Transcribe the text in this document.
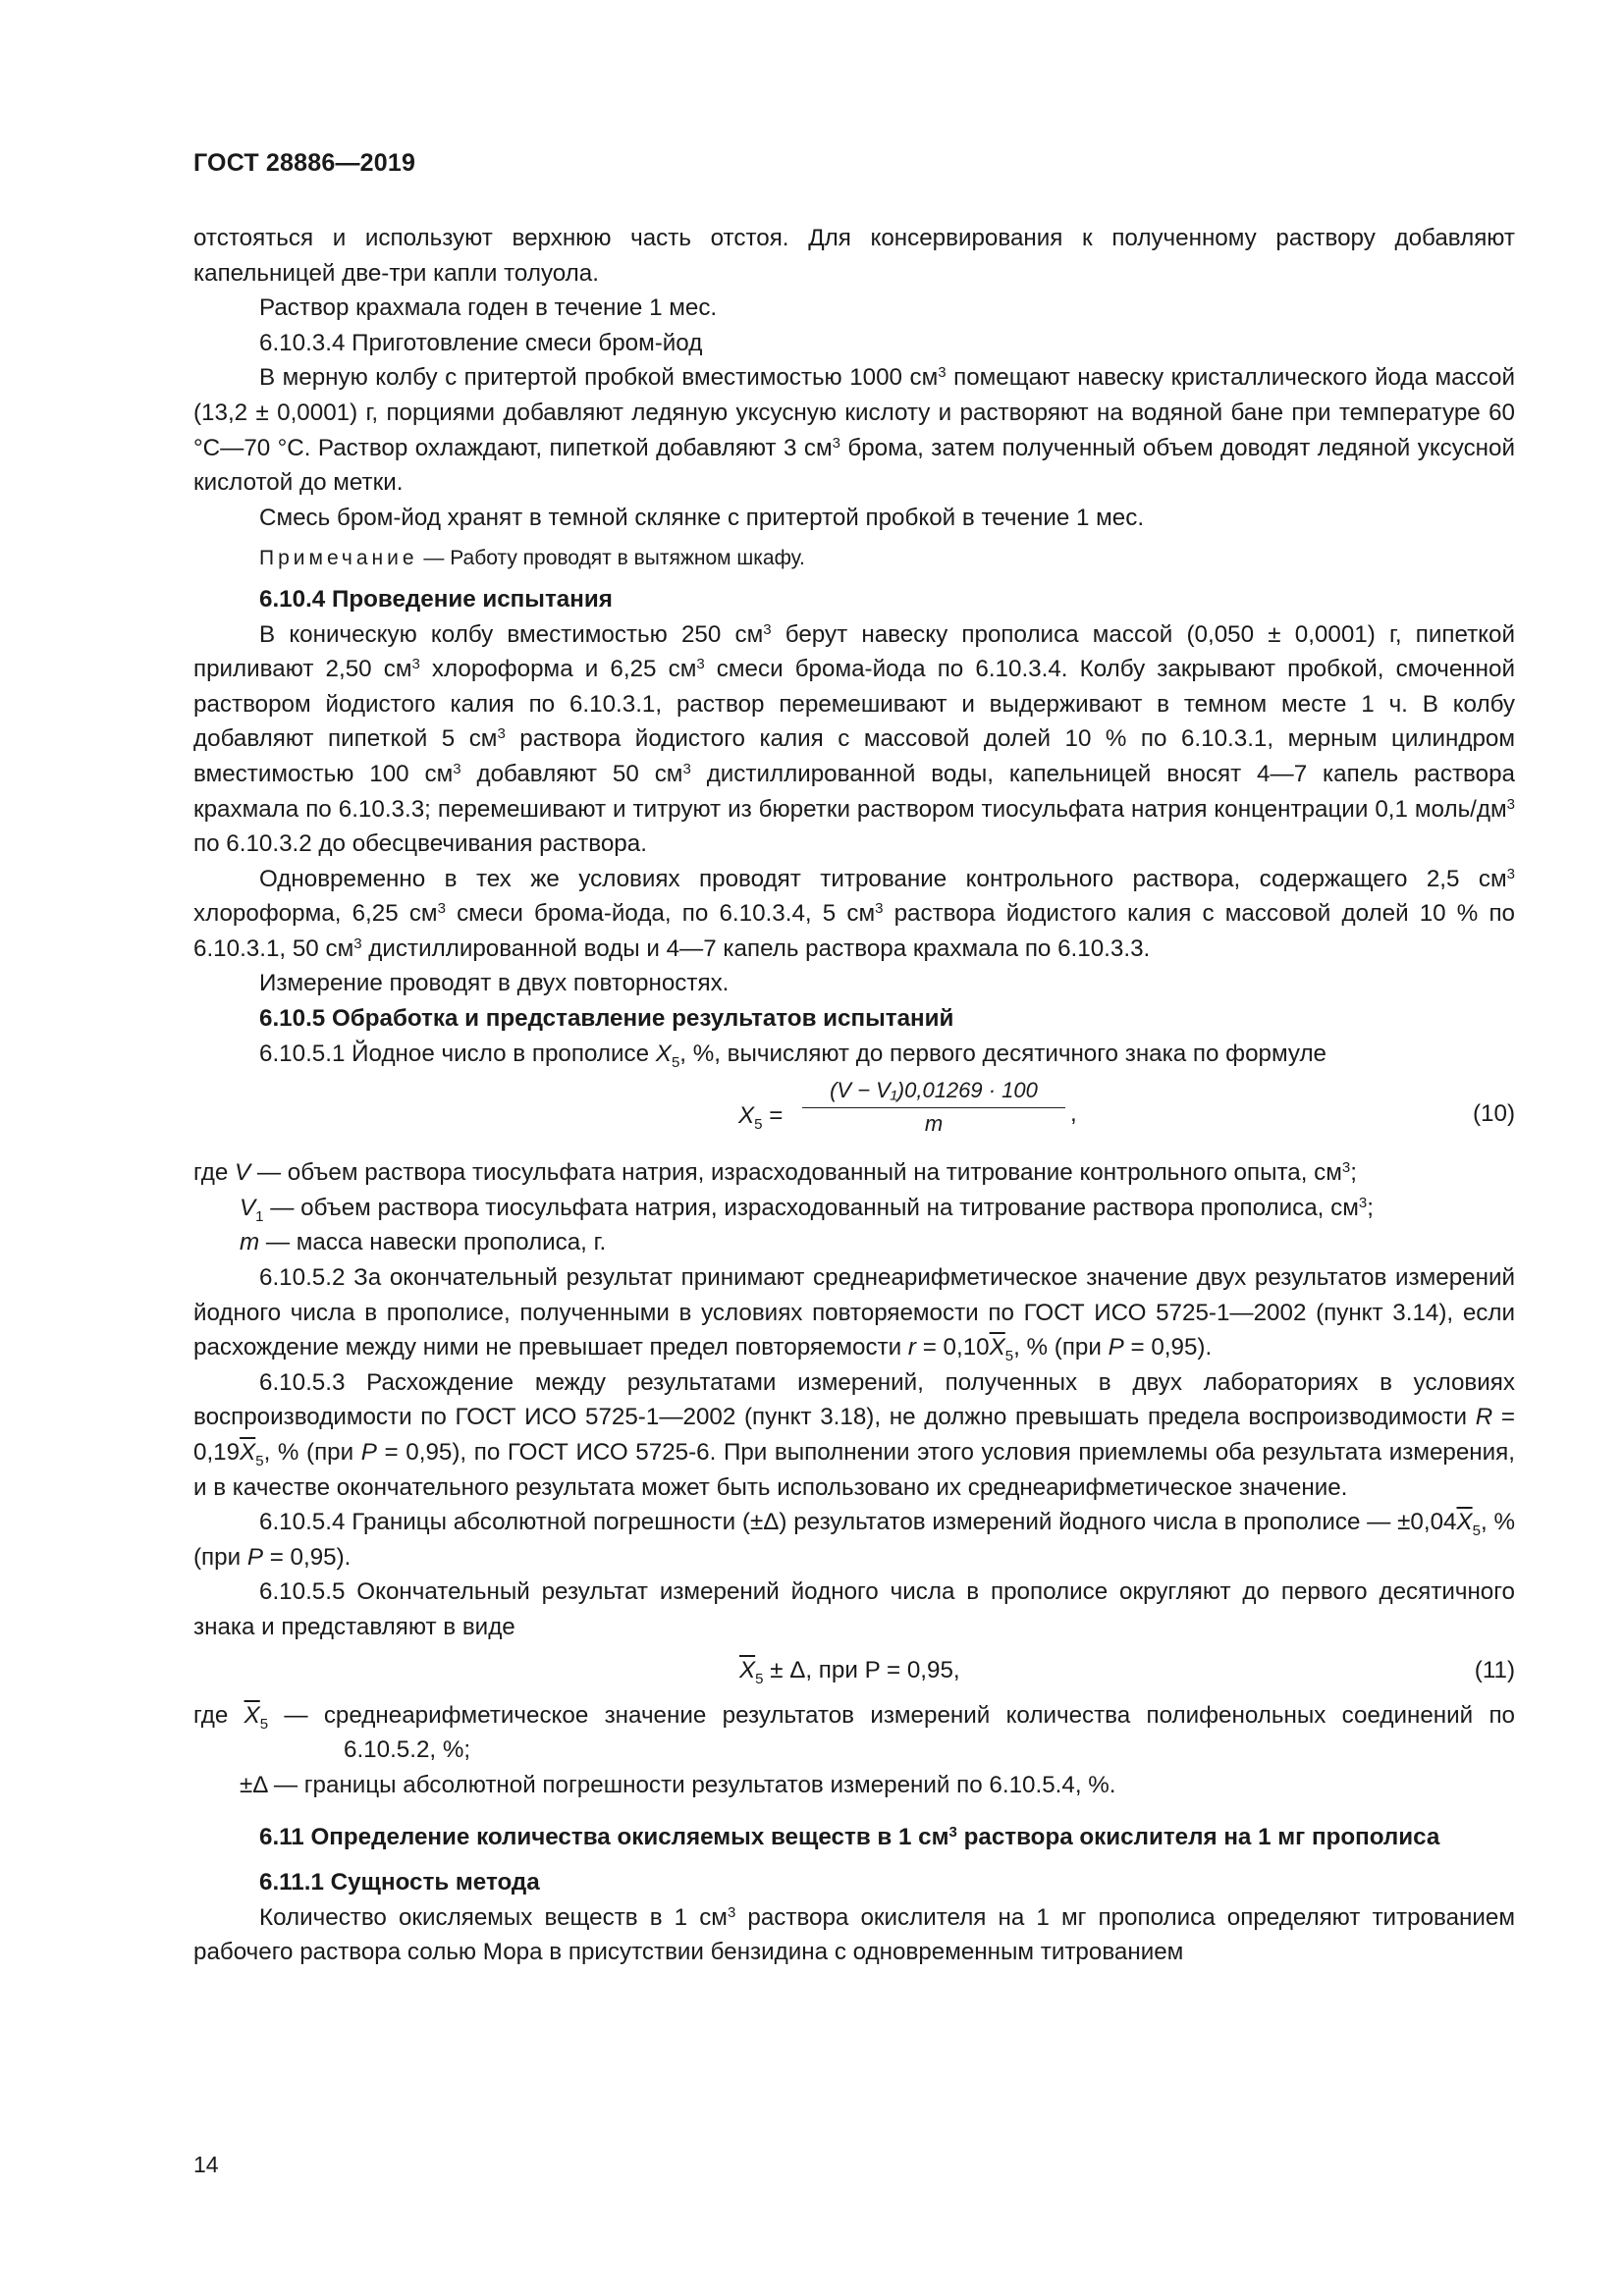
ГОСТ 28886—2019

отстояться и используют верхнюю часть отстоя. Для консервирования к полученному раствору добавляют капельницей две-три капли толуола.

Раствор крахмала годен в течение 1 мес.

6.10.3.4 Приготовление смеси бром-йод

В мерную колбу с притертой пробкой вместимостью 1000 $см^3$ помещают навеску кристаллического йода массой (13,2 ± 0,0001) г, порциями добавляют ледяную уксусную кислоту и растворяют на водяной бане при температуре 60 °С—70 °С. Раствор охлаждают, пипеткой добавляют 3 $см^3$ брома, затем полученный объем доводят ледяной уксусной кислотой до метки.

Смесь бром-йод хранят в темной склянке с притертой пробкой в течение 1 мес.

Примечание — Работу проводят в вытяжном шкафу.

6.10.4 Проведение испытания

В коническую колбу вместимостью 250 $см^3$ берут навеску прополиса массой (0,050 ± 0,0001) г, пипеткой приливают 2,50 $см^3$ хлороформа и 6,25 $см^3$ смеси брома-йода по 6.10.3.4. Колбу закрывают пробкой, смоченной раствором йодистого калия по 6.10.3.1, раствор перемешивают и выдерживают в темном месте 1 ч. В колбу добавляют пипеткой 5 $см^3$ раствора йодистого калия с массовой долей 10 % по 6.10.3.1, мерным цилиндром вместимостью 100 $см^3$ добавляют 50 $см^3$ дистиллированной воды, капельницей вносят 4—7 капель раствора крахмала по 6.10.3.3; перемешивают и титруют из бюретки раствором тиосульфата натрия концентрации 0,1 моль/$дм^3$ по 6.10.3.2 до обесцвечивания раствора.

Одновременно в тех же условиях проводят титрование контрольного раствора, содержащего 2,5 $см^3$ хлороформа, 6,25 $см^3$ смеси брома-йода, по 6.10.3.4, 5 $см^3$ раствора йодистого калия с массовой долей 10 % по 6.10.3.1, 50 $см^3$ дистиллированной воды и 4—7 капель раствора крахмала по 6.10.3.3.

Измерение проводят в двух повторностях.

6.10.5 Обработка и представление результатов испытаний

6.10.5.1 Йодное число в прополисе $X_5$, %, вычисляют до первого десятичного знака по формуле

$X_5 = \frac{\text{(V − V₁)0,01269 · 100}}{m}$ ,	(10)

где V — объем раствора тиосульфата натрия, израсходованный на титрование контрольного опыта, $см^3$;

$V_1$ — объем раствора тиосульфата натрия, израсходованный на титрование раствора прополиса, $см^3$;

m — масса навески прополиса, г.

6.10.5.2 За окончательный результат принимают среднеарифметическое значение двух результатов измерений йодного числа в прополисе, полученными в условиях повторяемости по ГОСТ ИСО 5725-1—2002 (пункт 3.14), если расхождение между ними не превышает предел повторяемости $r = 0,10\overline{X}_5$, % (при P = 0,95).

6.10.5.3 Расхождение между результатами измерений, полученных в двух лабораториях в условиях воспроизводимости по ГОСТ ИСО 5725-1—2002 (пункт 3.18), не должно превышать предела воспроизводимости $R = 0,19\overline{X}_5$, % (при P = 0,95), по ГОСТ ИСО 5725-6. При выполнении этого условия приемлемы оба результата измерения, и в качестве окончательного результата может быть использовано их среднеарифметическое значение.

6.10.5.4 Границы абсолютной погрешности (±Δ) результатов измерений йодного числа в прополисе — $\pm 0,04\overline{X}_5$, % (при P = 0,95).

6.10.5.5 Окончательный результат измерений йодного числа в прополисе округляют до первого десятичного знака и представляют в виде

$\overline{X}_5 \pm \Delta$, при P = 0,95,	(11)

где $\overline{X}_5$ — среднеарифметическое значение результатов измерений количества полифенольных соединений по 6.10.5.2, %;

±Δ — границы абсолютной погрешности результатов измерений по 6.10.5.4, %.

6.11 Определение количества окисляемых веществ в 1 $см^3$ раствора окислителя на 1 мг прополиса

6.11.1 Сущность метода

Количество окисляемых веществ в 1 $см^3$ раствора окислителя на 1 мг прополиса определяют титрованием рабочего раствора солью Мора в присутствии бензидина с одновременным титрованием

14
